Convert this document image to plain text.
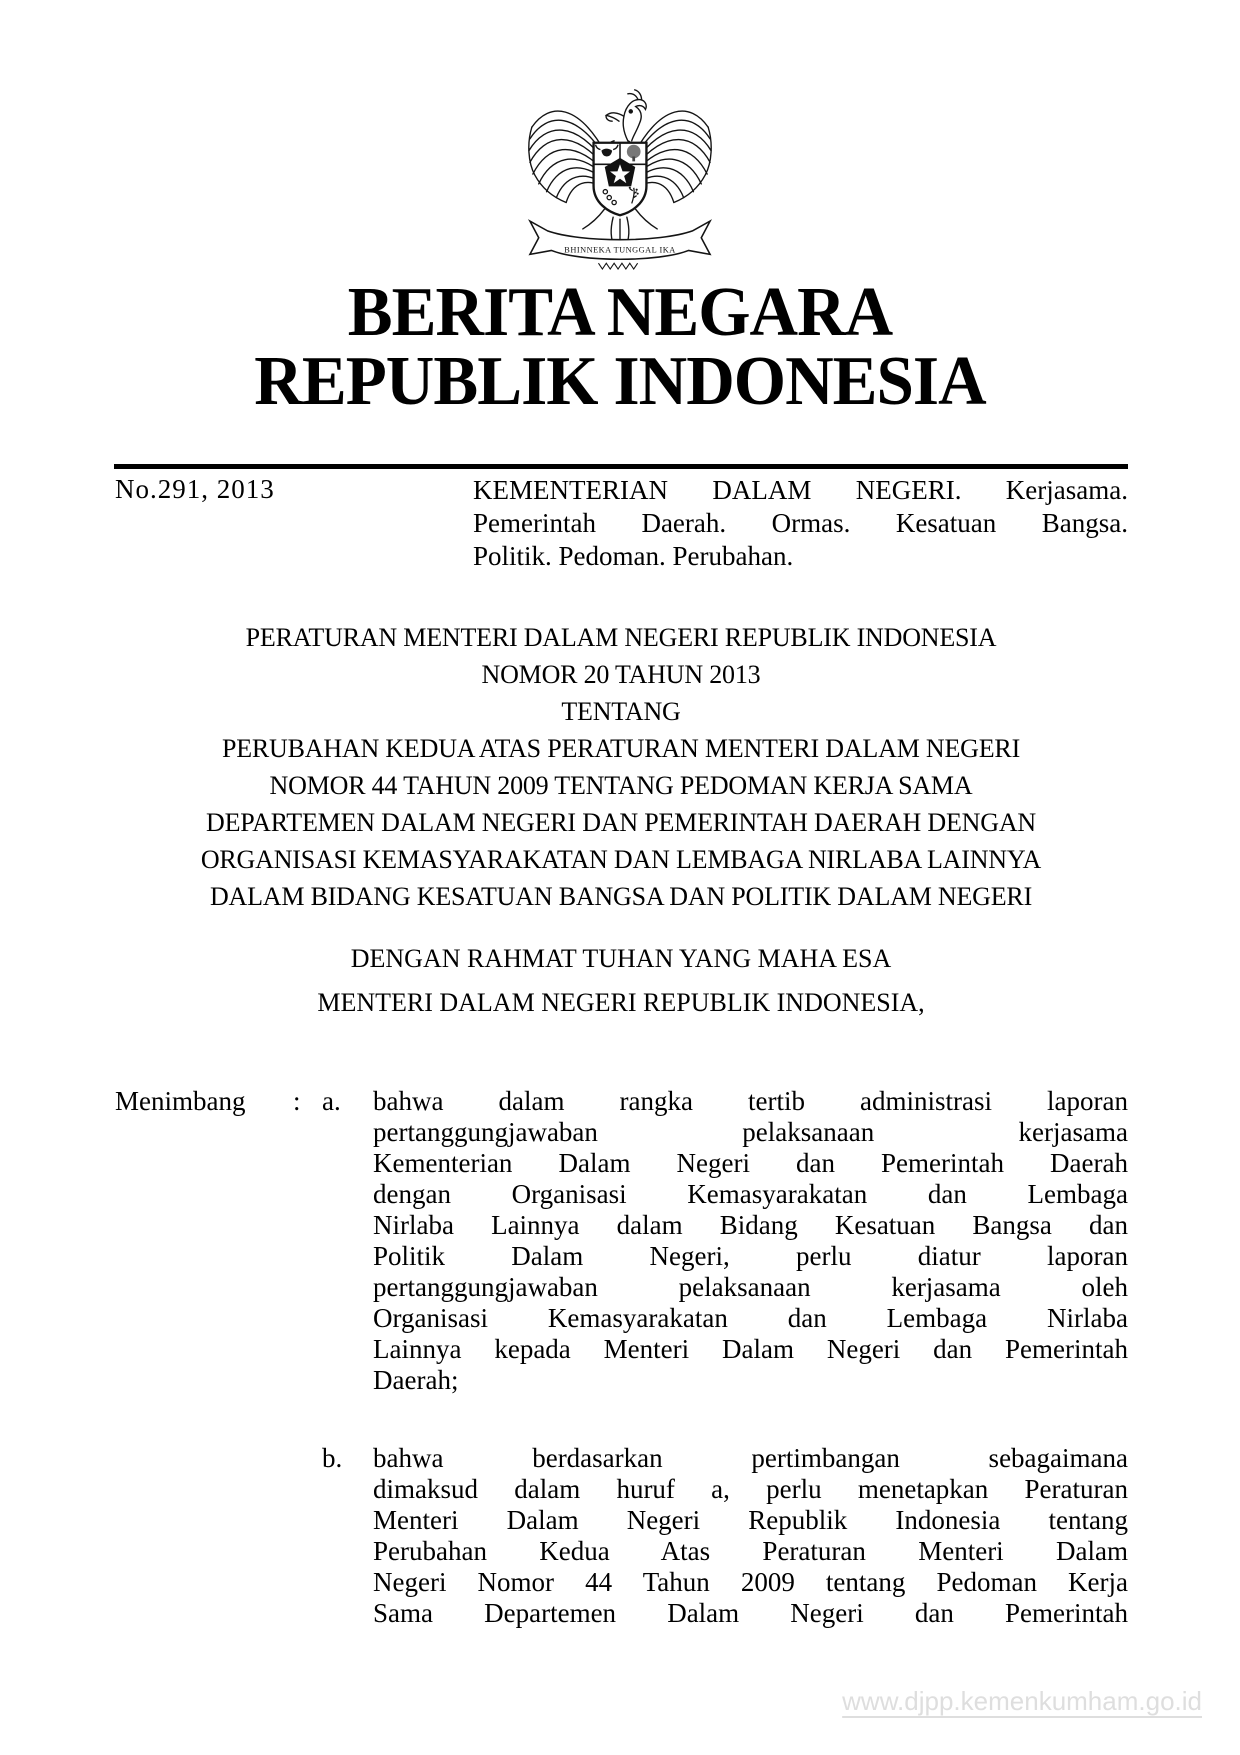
BHINNEKA TUNGGAL IKA
BERITA NEGARA
REPUBLIK INDONESIA
No.291, 2013	KEMENTERIAN DALAM NEGERI. Kerjasama.
Pemerintah Daerah. Ormas. Kesatuan Bangsa.
Politik. Pedoman. Perubahan.
PERATURAN MENTERI DALAM NEGERI REPUBLIK INDONESIA
NOMOR 20 TAHUN 2013
TENTANG
PERUBAHAN KEDUA ATAS PERATURAN MENTERI DALAM NEGERI
NOMOR 44 TAHUN 2009 TENTANG PEDOMAN KERJA SAMA
DEPARTEMEN DALAM NEGERI DAN PEMERINTAH DAERAH DENGAN
ORGANISASI KEMASYARAKATAN DAN LEMBAGA NIRLABA LAINNYA
DALAM BIDANG KESATUAN BANGSA DAN POLITIK DALAM NEGERI
DENGAN RAHMAT TUHAN YANG MAHA ESA
MENTERI DALAM NEGERI REPUBLIK INDONESIA,
Menimbang	: a.	bahwa dalam rangka tertib administrasi laporan
pertanggungjawaban pelaksanaan kerjasama
Kementerian Dalam Negeri dan Pemerintah Daerah
dengan Organisasi Kemasyarakatan dan Lembaga
Nirlaba Lainnya dalam Bidang Kesatuan Bangsa dan
Politik Dalam Negeri, perlu diatur laporan
pertanggungjawaban pelaksanaan kerjasama oleh
Organisasi Kemasyarakatan dan Lembaga Nirlaba
Lainnya kepada Menteri Dalam Negeri dan Pemerintah
Daerah;
b.	bahwa berdasarkan pertimbangan sebagaimana
dimaksud dalam huruf a, perlu menetapkan Peraturan
Menteri Dalam Negeri Republik Indonesia tentang
Perubahan Kedua Atas Peraturan Menteri Dalam
Negeri Nomor 44 Tahun 2009 tentang Pedoman Kerja
Sama Departemen Dalam Negeri dan Pemerintah
www.djpp.kemenkumham.go.id
